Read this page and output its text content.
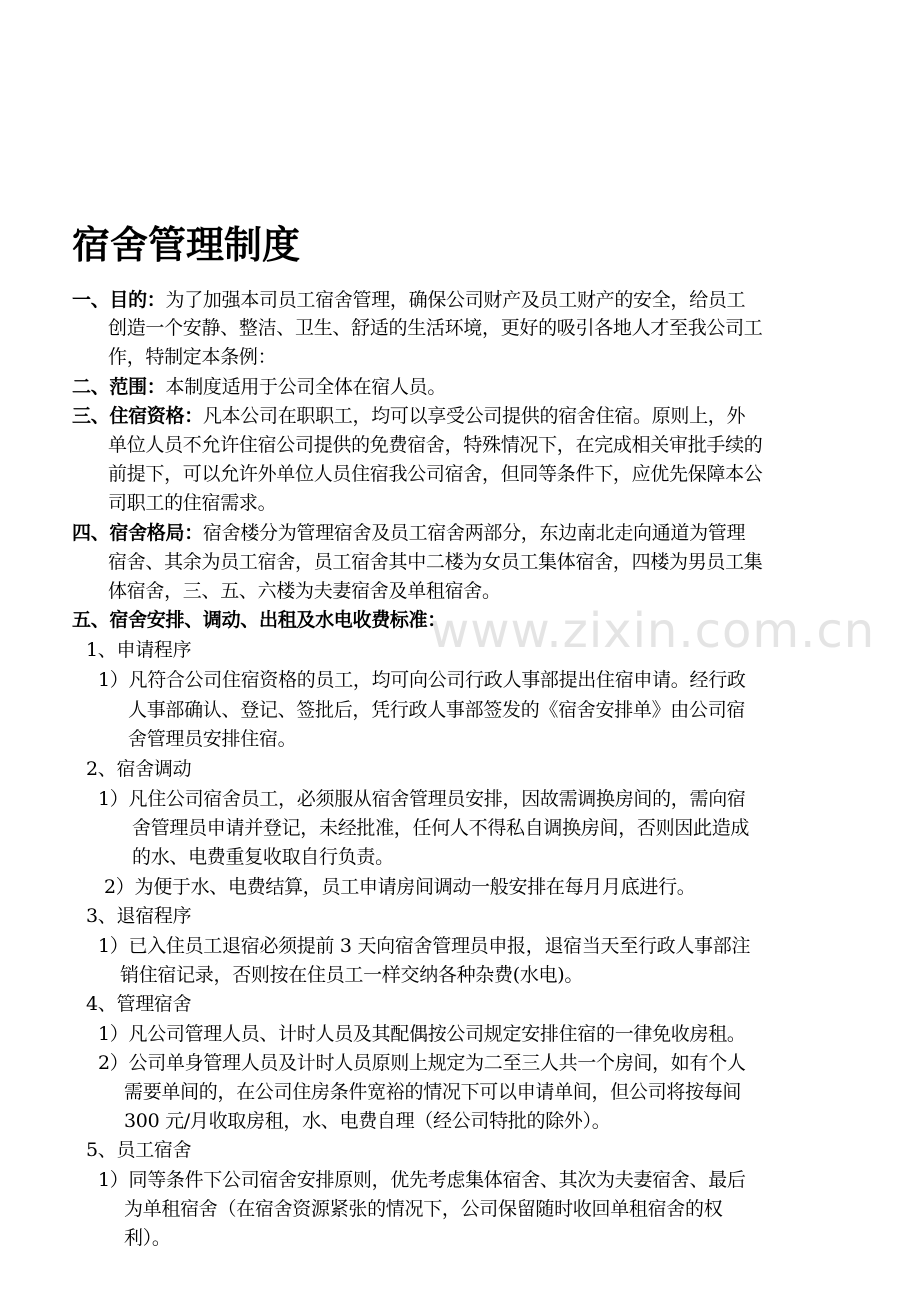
www.zixin.com.cn
宿舍管理制度
一、目的：为了加强本司员工宿舍管理，确保公司财产及员工财产的安全，给员工
创造一个安静、整洁、卫生、舒适的生活环境，更好的吸引各地人才至我公司工
作，特制定本条例：
二、范围：本制度适用于公司全体在宿人员。
三、住宿资格：凡本公司在职职工，均可以享受公司提供的宿舍住宿。原则上，外
单位人员不允许住宿公司提供的免费宿舍，特殊情况下，在完成相关审批手续的
前提下，可以允许外单位人员住宿我公司宿舍，但同等条件下，应优先保障本公
司职工的住宿需求。
四、宿舍格局：宿舍楼分为管理宿舍及员工宿舍两部分，东边南北走向通道为管理
宿舍、其余为员工宿舍，员工宿舍其中二楼为女员工集体宿舍，四楼为男员工集
体宿舍，三、五、六楼为夫妻宿舍及单租宿舍。
五、宿舍安排、调动、出租及水电收费标准：
1、申请程序
1）凡符合公司住宿资格的员工，均可向公司行政人事部提出住宿申请。经行政
人事部确认、登记、签批后，凭行政人事部签发的《宿舍安排单》由公司宿
舍管理员安排住宿。
2、宿舍调动
1）凡住公司宿舍员工，必须服从宿舍管理员安排，因故需调换房间的，需向宿
舍管理员申请并登记，未经批准，任何人不得私自调换房间，否则因此造成
的水、电费重复收取自行负责。
2）为便于水、电费结算，员工申请房间调动一般安排在每月月底进行。
3、退宿程序
1）已入住员工退宿必须提前 3 天向宿舍管理员申报，退宿当天至行政人事部注
销住宿记录，否则按在住员工一样交纳各种杂费(水电)。
4、管理宿舍
1）凡公司管理人员、计时人员及其配偶按公司规定安排住宿的一律免收房租。
2）公司单身管理人员及计时人员原则上规定为二至三人共一个房间，如有个人
需要单间的，在公司住房条件宽裕的情况下可以申请单间，但公司将按每间
300 元/月收取房租，水、电费自理（经公司特批的除外）。
5、员工宿舍
1）同等条件下公司宿舍安排原则，优先考虑集体宿舍、其次为夫妻宿舍、最后
为单租宿舍（在宿舍资源紧张的情况下，公司保留随时收回单租宿舍的权
利）。
